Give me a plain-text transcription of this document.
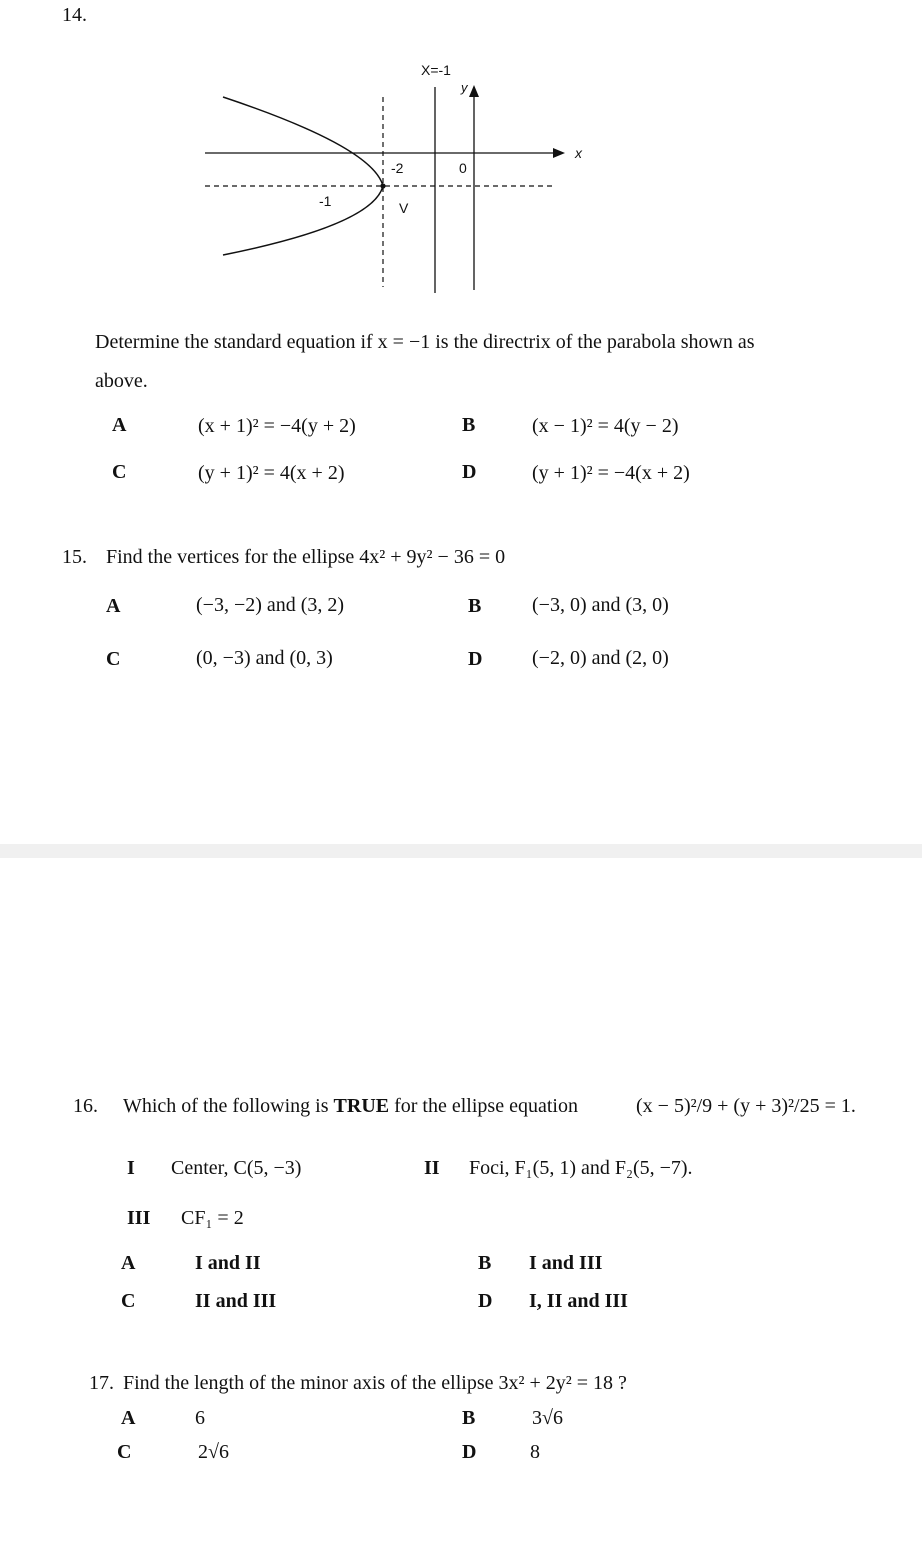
14.
X=-1
y
x
-2	0
-1	V
Determine the standard equation if x = −1 is the directrix of the parabola shown as
above.
A	(x + 1)² = −4(y + 2)	B	(x − 1)² = 4(y − 2)
C	(y + 1)² = 4(x + 2)	D	(y + 1)² = −4(x + 2)
15. Find the vertices for the ellipse 4x² + 9y² − 36 = 0
A	(−3, −2) and (3, 2)	B	(−3, 0) and (3, 0)
C	(0, −3) and (0, 3)	D (−2, 0) and (2, 0)
16. Which of the following is TRUE for the ellipse equation	(x − 5)²/9 + (y + 3)²/25 = 1.
I Center, C(5, −3)	II Foci, F₁(5, 1) and F₂(5, −7).
III CF₁ = 2
A	I and II	B I and III
C	II and III	D I, II and III
17. Find the length of the minor axis of the ellipse 3x² + 2y² = 18 ?
A	6	B	3√6
C	2√6	D	8
